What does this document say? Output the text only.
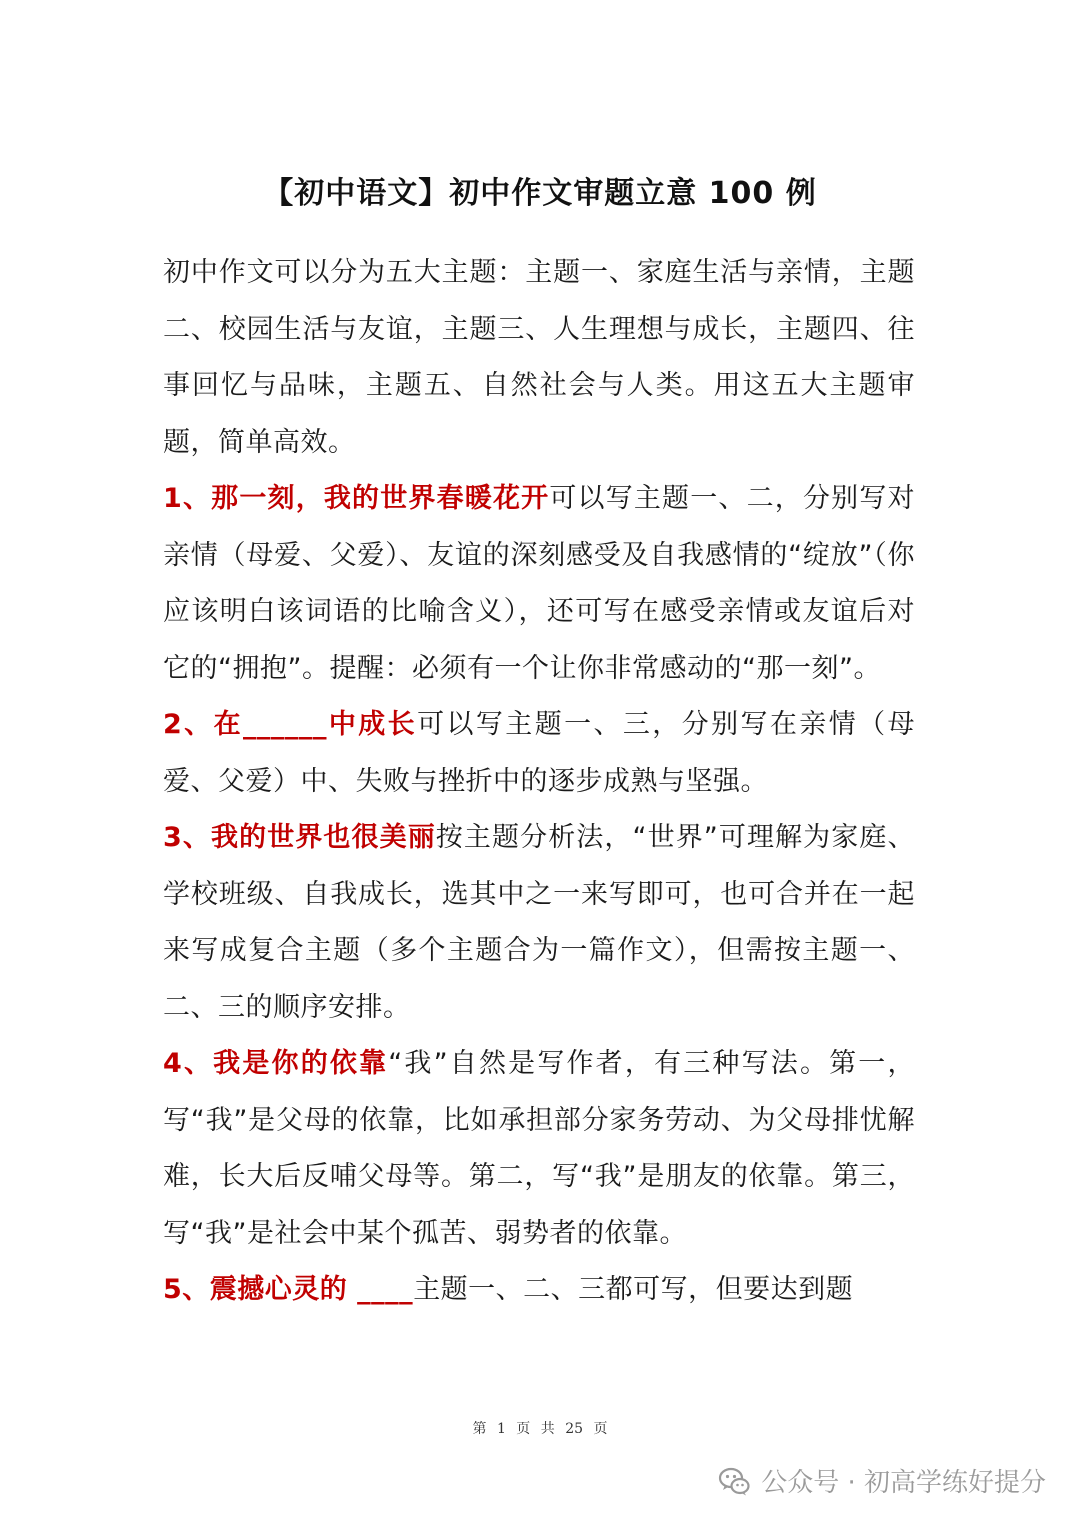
【初中语文】初中作文审题立意 100 例

初中作文可以分为五大主题：主题一、家庭生活与亲情，主题二、校园生活与友谊，主题三、人生理想与成长，主题四、往事回忆与品味，主题五、自然社会与人类。用这五大主题审题，简单高效。

1、那一刻，我的世界春暖花开可以写主题一、二，分别写对亲情（母爱、父爱）、友谊的深刻感受及自我感情的“绽放”（你应该明白该词语的比喻含义），还可写在感受亲情或友谊后对它的“拥抱”。提醒：必须有一个让你非常感动的“那一刻”。

2、在______中成长可以写主题一、三，分别写在亲情（母爱、父爱）中、失败与挫折中的逐步成熟与坚强。

3、我的世界也很美丽按主题分析法，“世界”可理解为家庭、学校班级、自我成长，选其中之一来写即可，也可合并在一起来写成复合主题（多个主题合为一篇作文），但需按主题一、二、三的顺序安排。

4、我是你的依靠“我”自然是写作者，有三种写法。第一，写“我”是父母的依靠，比如承担部分家务劳动、为父母排忧解难，长大后反哺父母等。第二，写“我”是朋友的依靠。第三，写“我”是社会中某个孤苦、弱势者的依靠。

5、震撼心灵的 ____主题一、二、三都可写，但要达到题

第 1 页 共 25 页
公众号 · 初高学练好提分
